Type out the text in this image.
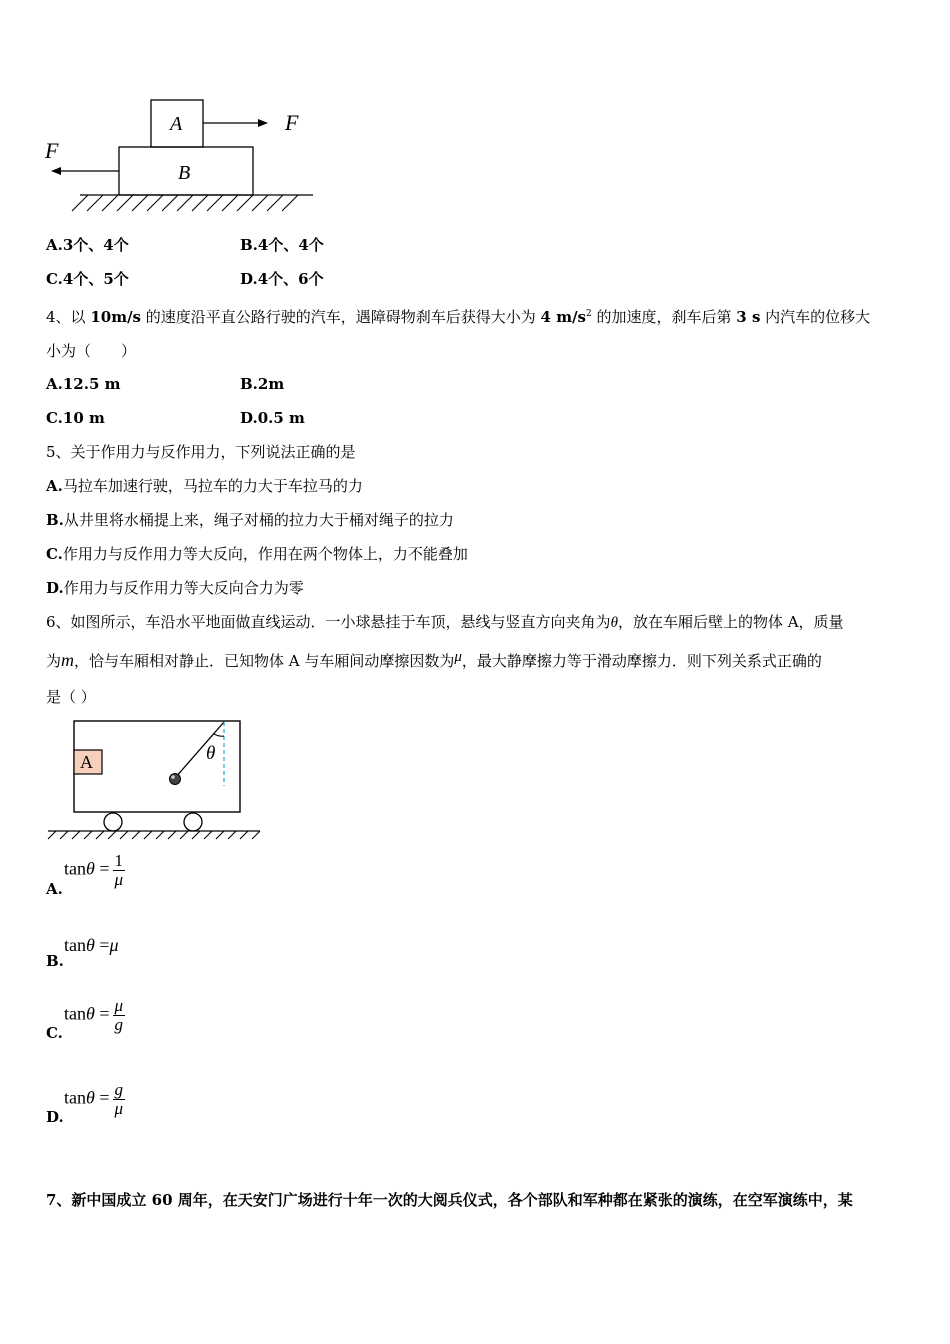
A
B
F
F
A.3个、4个	B.4个、4个
C.4个、5个	D.4个、6个
4、以 10m/s 的速度沿平直公路行驶的汽车，遇障碍物刹车后获得大小为 4 $m/s^2$ 的加速度，刹车后第 3 s 内汽车的位移大
小为（　　）
A.12.5 m	B.2m
C.10 m	D.0.5 m
5、关于作用力与反作用力，下列说法正确的是
A.马拉车加速行驶，马拉车的力大于车拉马的力
B.从井里将水桶提上来，绳子对桶的拉力大于桶对绳子的拉力
C.作用力与反作用力等大反向，作用在两个物体上，力不能叠加
D.作用力与反作用力等大反向合力为零
6、如图所示，车沿水平地面做直线运动．一小球悬挂于车顶，悬线与竖直方向夹角为θ，放在车厢后壁上的物体 A，质量
为m，恰与车厢相对静止．已知物体 A 与车厢间动摩擦因数为μ，最大静摩擦力等于滑动摩擦力．则下列关系式正确的
是（ ）
A	θ
A.
$\tan\theta = \frac{1}{\mu}$
B.
tanθ =μ
C.
$\tan\theta = \frac{\mu}{g}$
D.
$\tan\theta = \frac{g}{\mu}$
7、新中国成立 60 周年，在天安门广场进行十年一次的大阅兵仪式，各个部队和军种都在紧张的演练，在空军演练中，某
